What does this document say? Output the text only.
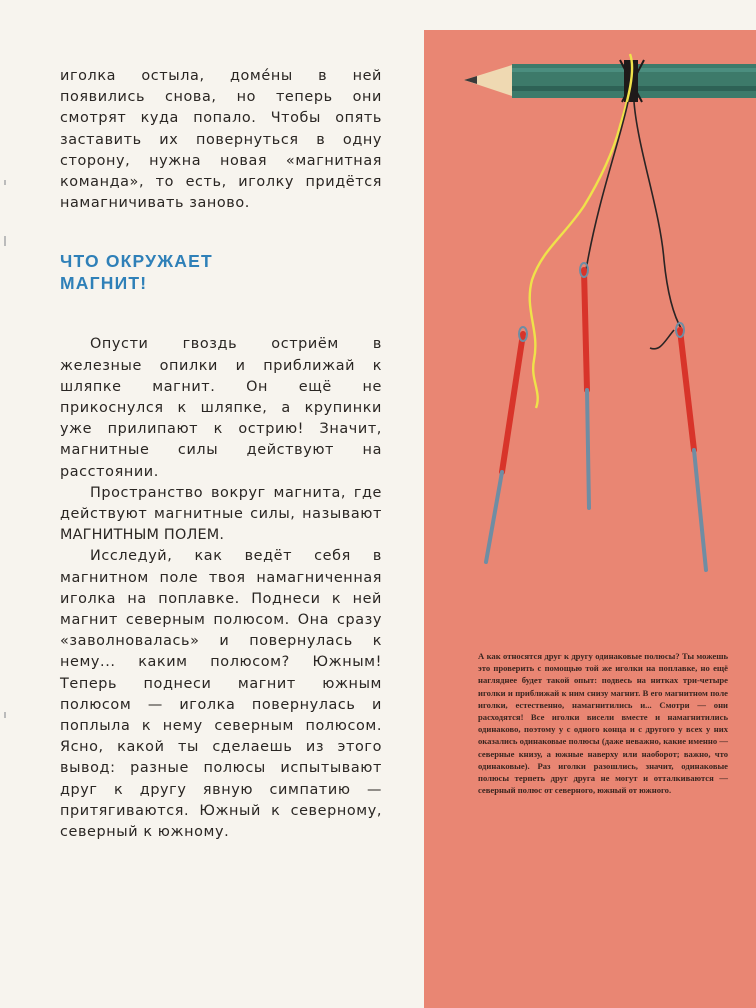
иголка остыла, домéны в ней появились снова, но теперь они смотрят куда попало. Чтобы опять заставить их повернуться в одну сторону, нужна новая «магнитная команда», то есть, иголку придётся намагничивать заново.

ЧТО ОКРУЖАЕТ
МАГНИТ!

Опусти гвоздь остриём в железные опилки и приближай к шляпке магнит. Он ещё не прикоснулся к шляпке, а крупинки уже прилипают к острию! Значит, магнитные силы действуют на расстоянии.

Пространство вокруг магнита, где действуют магнитные силы, называют МАГНИТНЫМ ПОЛЕМ.

Исследуй, как ведёт себя в магнитном поле твоя намагниченная иголка на поплавке. Поднеси к ней магнит северным полюсом. Она сразу «заволновалась» и повернулась к нему... каким полюсом? Южным! Теперь поднеси магнит южным полюсом — иголка повернулась и поплыла к нему северным полюсом. Ясно, какой ты сделаешь из этого вывод: разные полюсы испытывают друг к другу явную симпатию — притягиваются. Южный к северному, северный к южному.

А как относятся друг к другу одинаковые полюсы? Ты можешь это проверить с помощью той же иголки на поплавке, но ещё нагляднее будет такой опыт: подвесь на нитках три-четыре иголки и приближай к ним снизу магнит. В его магнитном поле иголки, естественно, намагнитились и... Смотри — они расходятся! Все иголки висели вместе и намагнитились одинаково, поэтому у с одного конца и с другого у всех у них оказались одинаковые полюсы (даже неважно, какие именно — северные книзу, а южные наверху или наоборот; важно, что одинаковые). Раз иголки разошлись, значит, одинаковые полюсы терпеть друг друга не могут и отталкиваются — северный полюс от северного, южный от южного.
